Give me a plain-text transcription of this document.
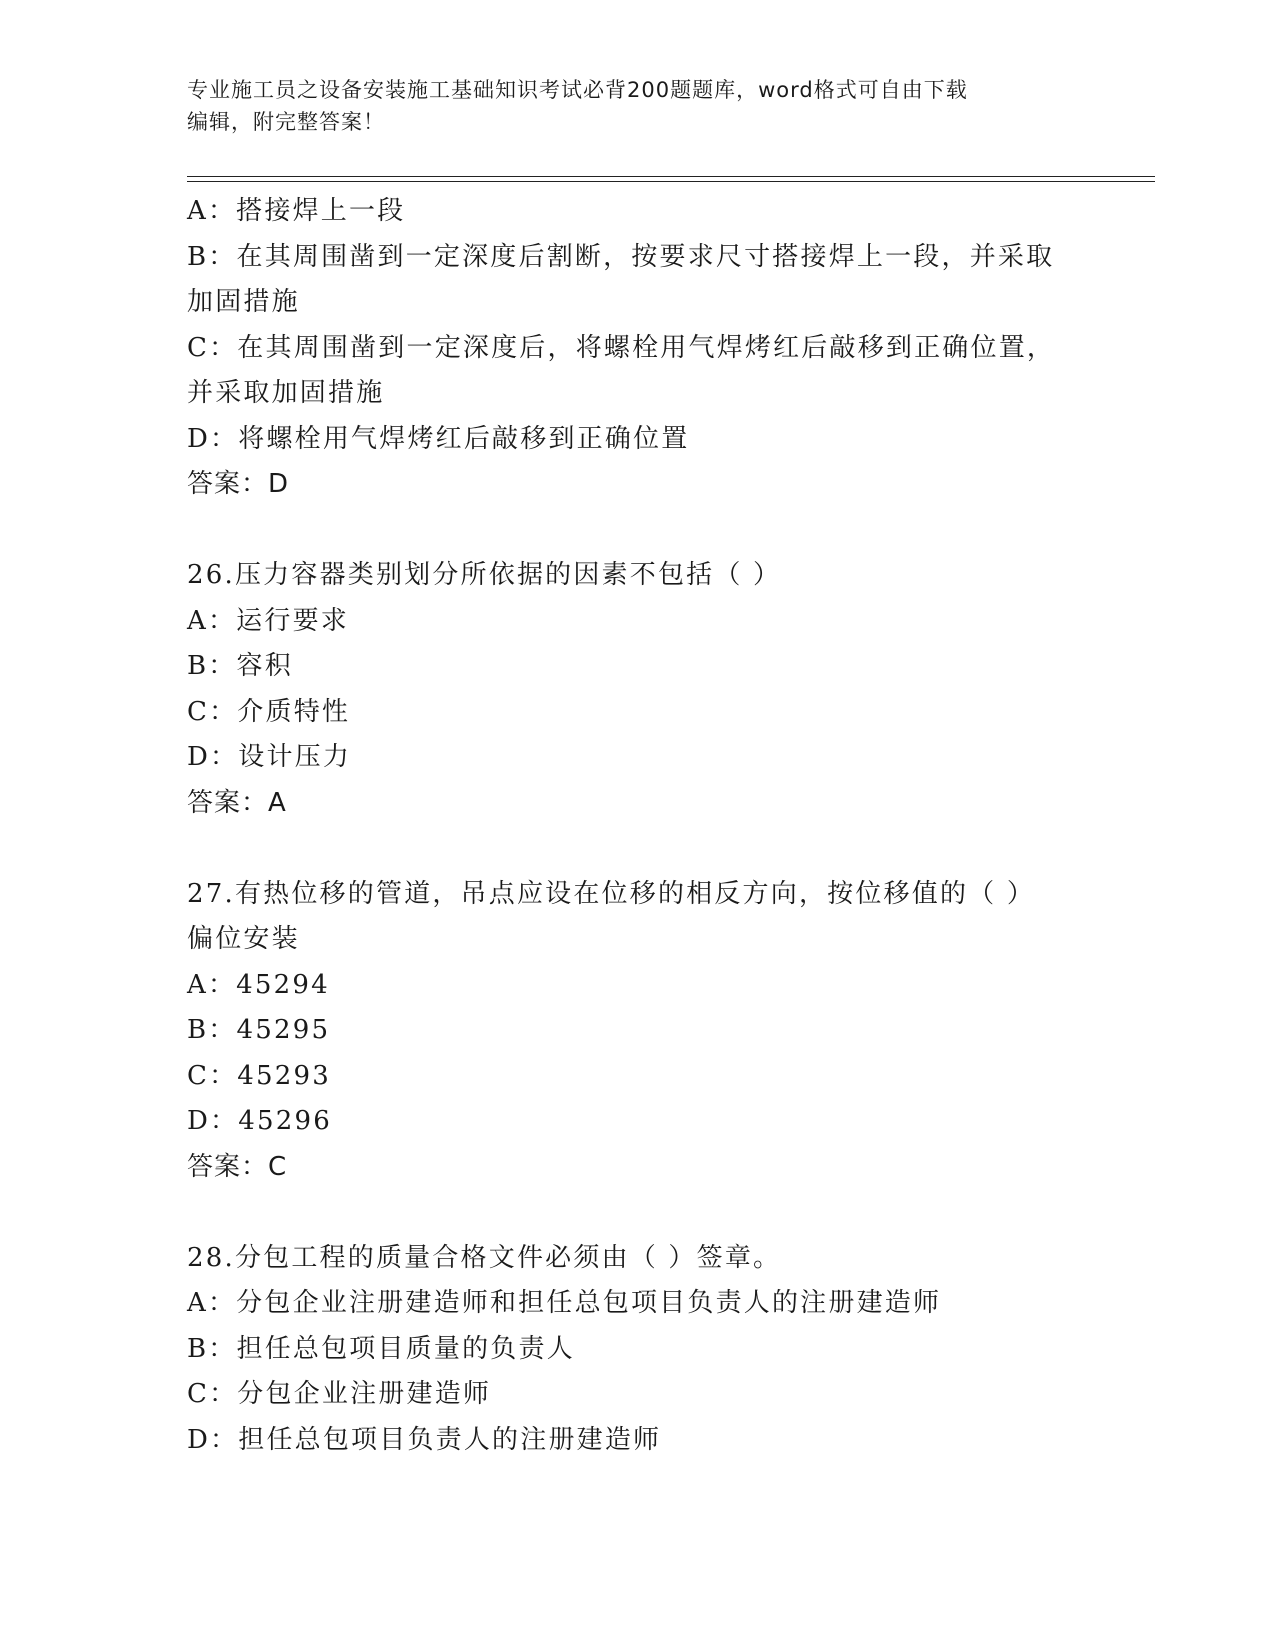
专业施工员之设备安装施工基础知识考试必背200题题库，word格式可自由下载
编辑，附完整答案！
A：搭接焊上一段
B：在其周围凿到一定深度后割断，按要求尺寸搭接焊上一段，并采取
加固措施
C：在其周围凿到一定深度后，将螺栓用气焊烤红后敲移到正确位置，
并采取加固措施
D：将螺栓用气焊烤红后敲移到正确位置
答案：D
26.压力容器类别划分所依据的因素不包括（ ）
A：运行要求
B：容积
C：介质特性
D：设计压力
答案：A
27.有热位移的管道，吊点应设在位移的相反方向，按位移值的（ ）
偏位安装
A：45294
B：45295
C：45293
D：45296
答案：C
28.分包工程的质量合格文件必须由（ ）签章。
A：分包企业注册建造师和担任总包项目负责人的注册建造师
B：担任总包项目质量的负责人
C：分包企业注册建造师
D：担任总包项目负责人的注册建造师
